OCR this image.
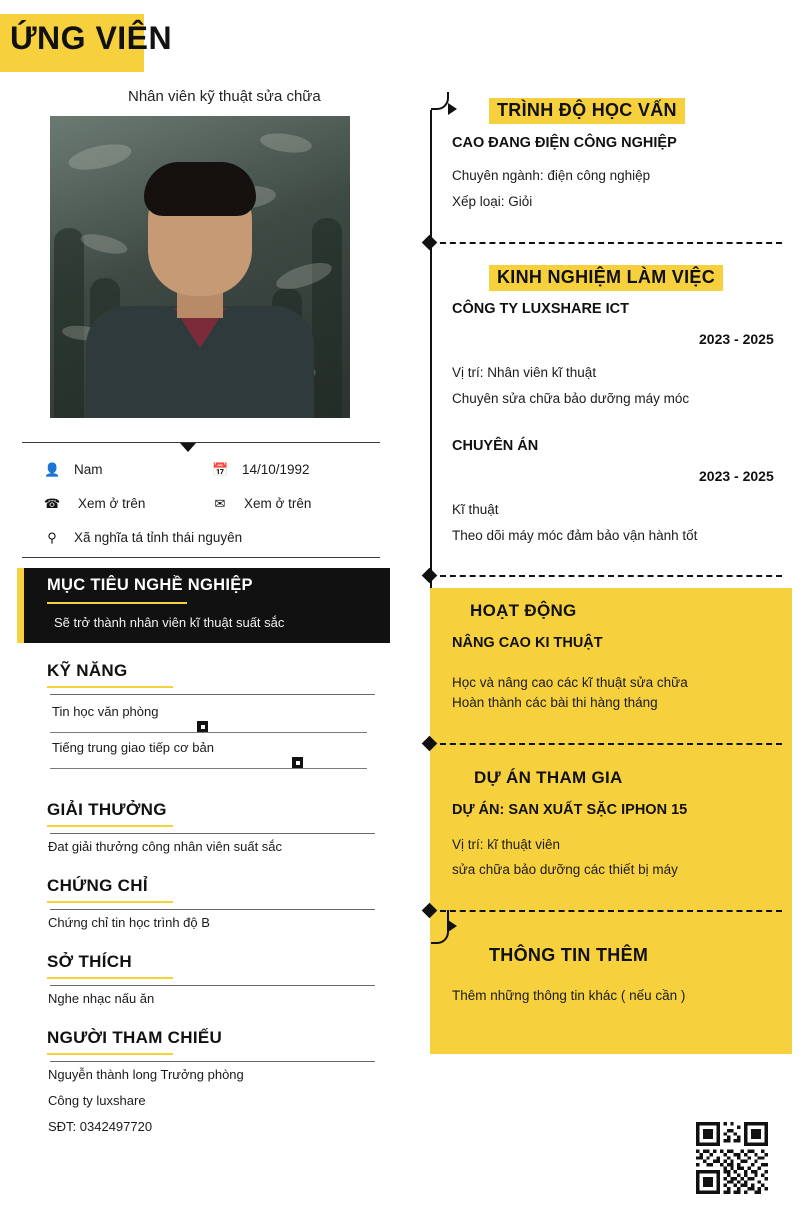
ỨNG VIÊN
Nhân viên kỹ thuật sửa chữa
👤 Nam	📅 14/10/1992
☎ Xem ở trên	✉ Xem ở trên
⚲ Xã nghĩa tá tỉnh thái nguyên
MỤC TIÊU NGHỀ NGHIỆP
Sẽ trở thành nhân viên kĩ thuật suất sắc
KỸ NĂNG
Tin học văn phòng
Tiếng trung giao tiếp cơ bản
GIẢI THƯỞNG
Đat giải thưởng công nhân viên suất sắc
CHỨNG CHỈ
Chứng chỉ tin học trình độ B
SỞ THÍCH
Nghe nhạc nấu ăn
NGƯỜI THAM CHIẾU
Nguyễn thành long Trưởng phòng
Công ty luxshare
SĐT: 0342497720
TRÌNH ĐỘ HỌC VẤN
CAO ĐANG ĐIỆN CÔNG NGHIỆP
Chuyên ngành: điện công nghiệp
Xếp loại: Giỏi
KINH NGHIỆM LÀM VIỆC
CÔNG TY LUXSHARE ICT
2023 - 2025
Vị trí: Nhân viên kĩ thuật
Chuyên sửa chữa bảo dưỡng máy móc
CHUYÊN ÁN
2023 - 2025
Kĩ thuật
Theo dõi máy móc đảm bảo vận hành tốt
HOẠT ĐỘNG
NÂNG CAO KI THUẬT
Học và nâng cao các kĩ thuật sửa chữa
Hoàn thành các bài thi hàng tháng
DỰ ÁN THAM GIA
DỰ ÁN: SAN XUẤT SẶC IPHON 15
Vị trí: kĩ thuật viên
sửa chữa bảo dưỡng các thiết bị máy
THÔNG TIN THÊM
Thêm những thông tin khác ( nếu cần )
